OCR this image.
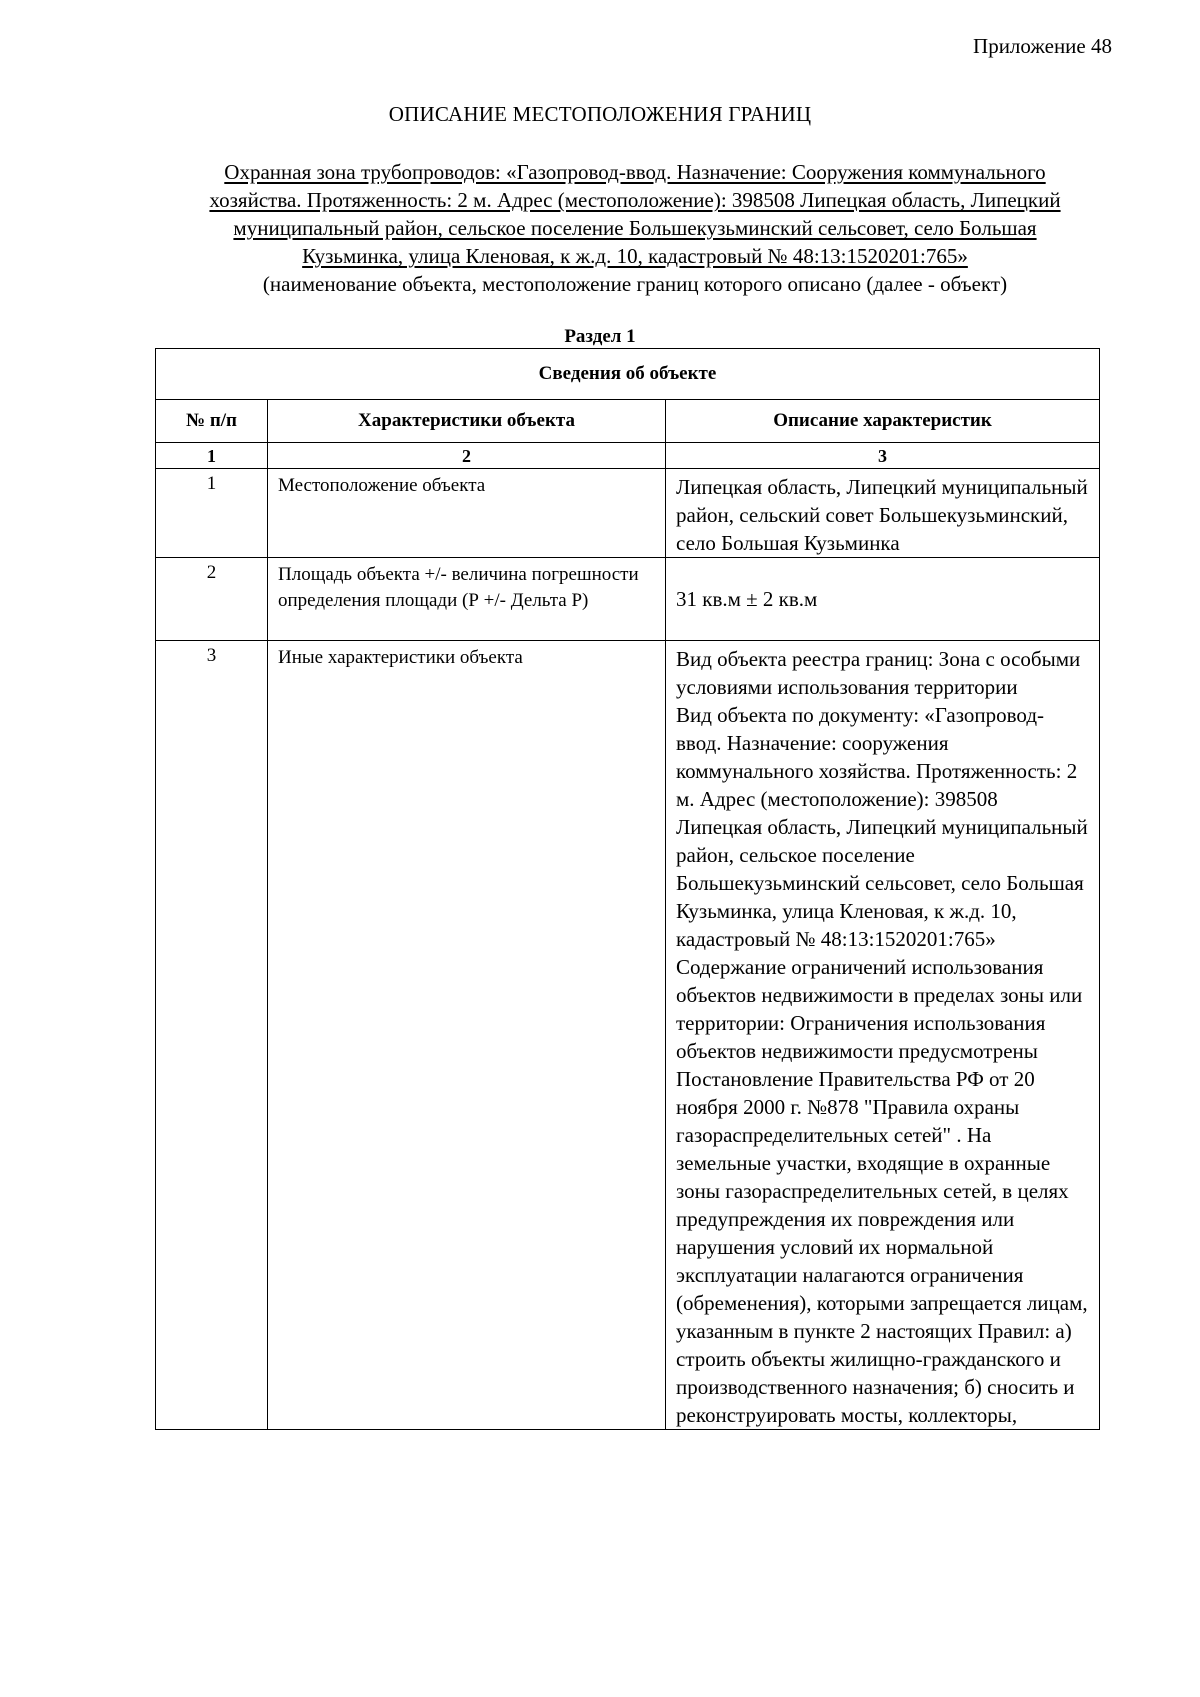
Приложение 48
ОПИСАНИЕ МЕСТОПОЛОЖЕНИЯ ГРАНИЦ
Охранная зона трубопроводов: «Газопровод-ввод. Назначение: Сооружения коммунального
хозяйства. Протяженность: 2 м. Адрес (местоположение): 398508 Липецкая область, Липецкий
муниципальный район, сельское поселение Большекузьминский сельсовет, село Большая
Кузьминка, улица Кленовая, к ж.д. 10, кадастровый № 48:13:1520201:765»
(наименование объекта, местоположение границ которого описано (далее - объект)
Раздел 1
Сведения об объекте		
№ п/п	Характеристики объекта	Описание характеристик
1	2	3
1	Местоположение объекта	Липецкая область, Липецкий муниципальный район, сельский совет Большекузьминский, село Большая Кузьминка

2	Площадь объекта +/- величина погрешности определения площади (Р +/- Дельта Р)	31 кв.м ± 2 кв.м

3	Иные характеристики объекта	Вид объекта реестра границ: Зона с особыми условиями использования территории
Вид объекта по документу: «Газопровод-ввод. Назначение: сооружения коммунального хозяйства. Протяженность: 2 м. Адрес (местоположение): 398508 Липецкая область, Липецкий муниципальный район, сельское поселение Большекузьминский сельсовет, село Большая Кузьминка, улица Кленовая, к ж.д. 10, кадастровый № 48:13:1520201:765»
Содержание ограничений использования объектов недвижимости в пределах зоны или территории: Ограничения использования объектов недвижимости предусмотрены Постановление Правительства РФ от 20 ноября 2000 г. №878 "Правила охраны газораспределительных сетей" . На земельные участки, входящие в охранные зоны газораспределительных сетей, в целях предупреждения их повреждения или нарушения условий их нормальной эксплуатации налагаются ограничения (обременения), которыми запрещается лицам, указанным в пункте 2 настоящих Правил: а) строить объекты жилищно-гражданского и производственного назначения; б) сносить и реконструировать мосты, коллекторы,
